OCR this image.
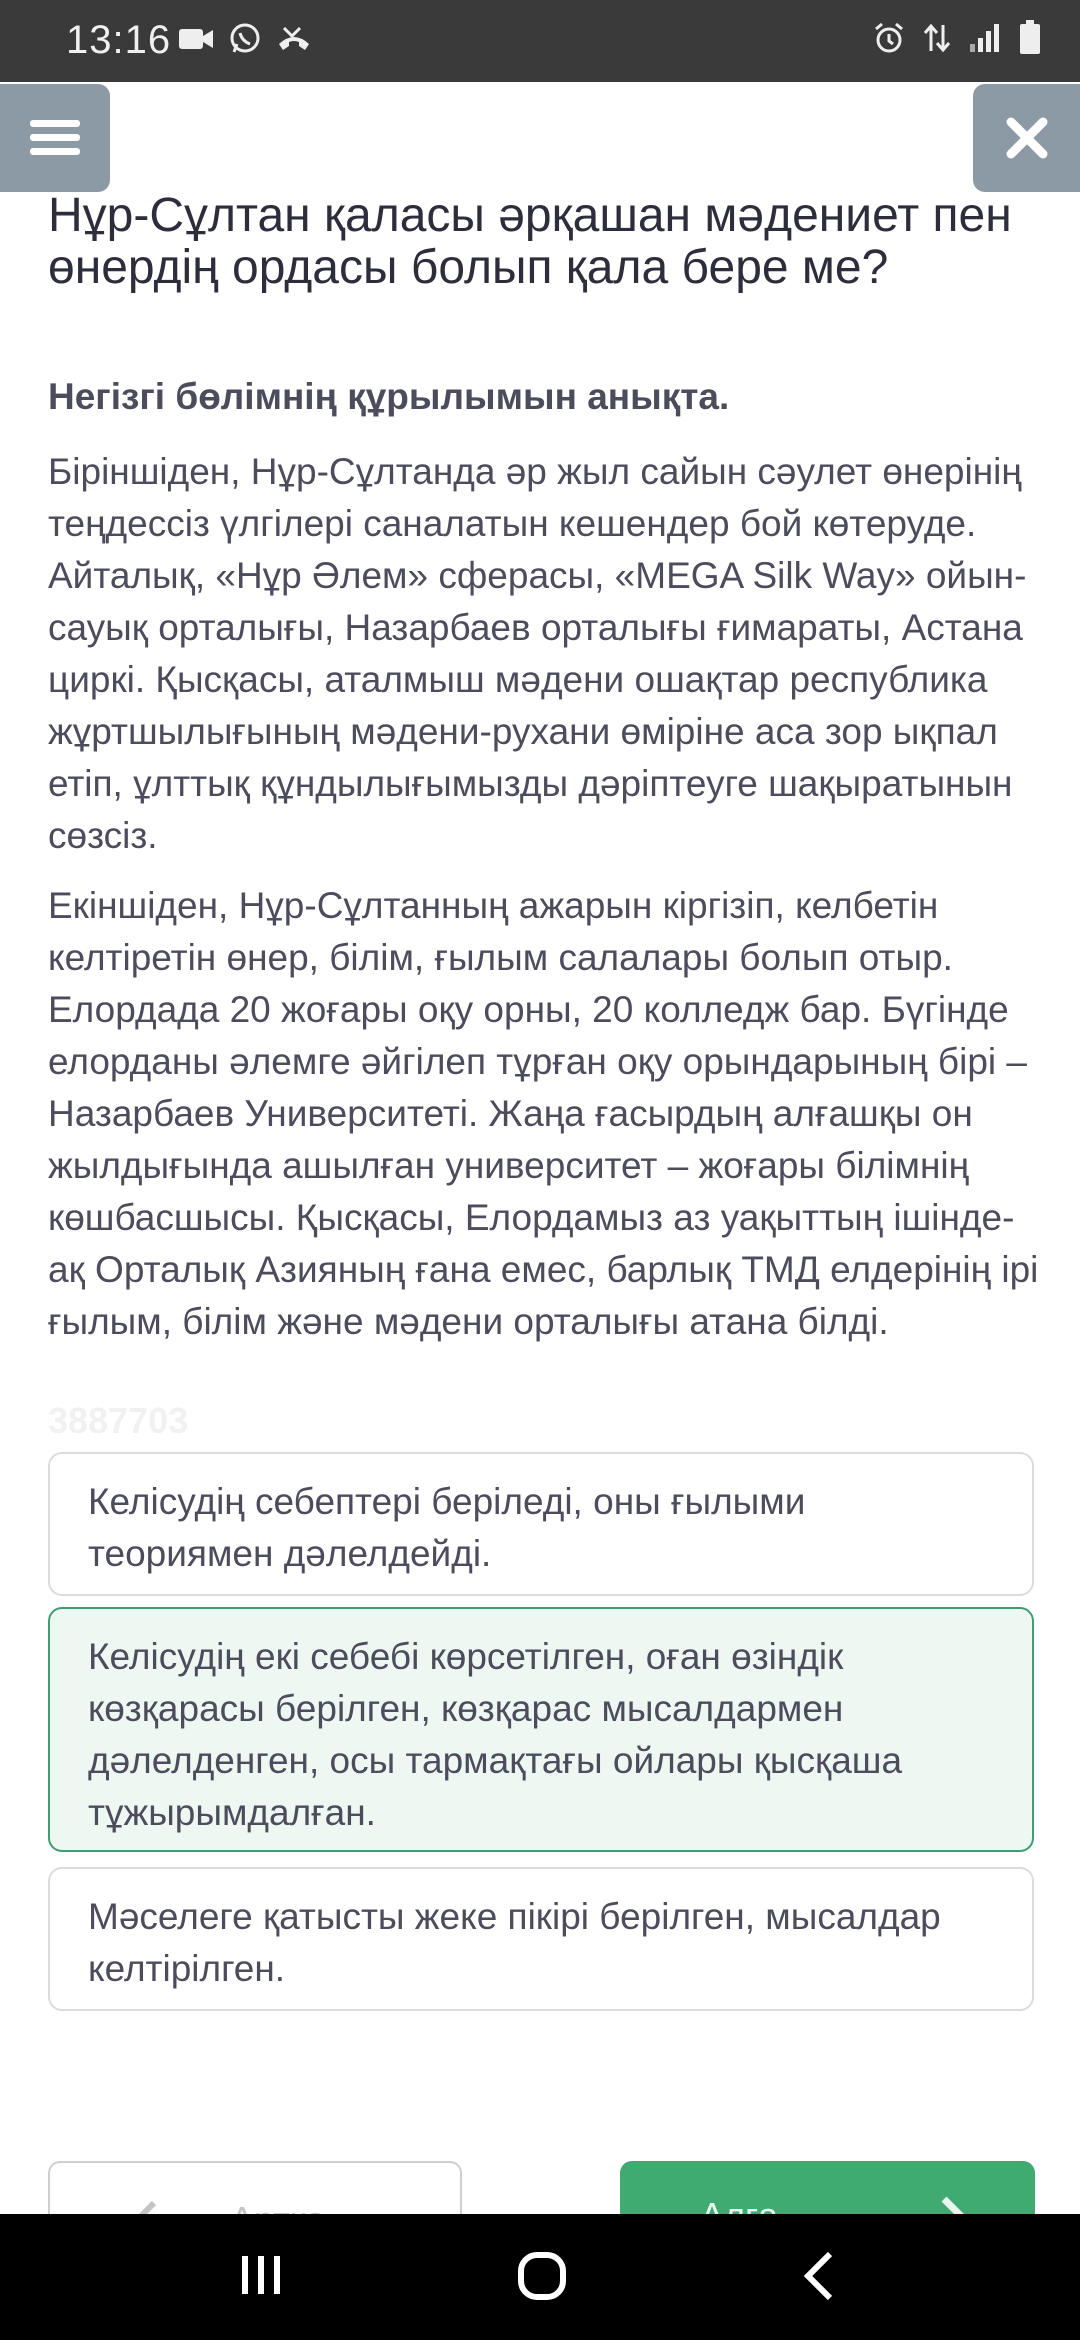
13:16
Нұр-Сұлтан қаласы әрқашан мәдениет пен өнердің ордасы болып қала бере ме?
Негізгі бөлімнің құрылымын анықта.
Біріншіден, Нұр-Сұлтанда әр жыл сайын сәулет өнерінің теңдессіз үлгілері саналатын кешендер бой көтеруде. Айталық, «Нұр Әлем» сферасы, «MEGA Silk Way» ойын-сауық орталығы, Назарбаев орталығы ғимараты, Астана циркі. Қысқасы, аталмыш мәдени ошақтар республика жұртшылығының мәдени-рухани өміріне аса зор ықпал етіп, ұлттық құндылығымызды дәріптеуге шақыратынын сөзсіз.
Екіншіден, Нұр-Сұлтанның ажарын кіргізіп, келбетін келтіретін өнер, білім, ғылым салалары болып отыр. Елордада 20 жоғары оқу орны, 20 колледж бар. Бүгінде елорданы әлемге әйгілеп тұрған оқу орындарының бірі – Назарбаев Университеті. Жаңа ғасырдың алғашқы он жылдығында ашылған университет – жоғары білімнің көшбасшысы. Қысқасы, Елордамыз аз уақыттың ішінде-ақ Орталық Азияның ғана емес, барлық ТМД елдерінің ірі ғылым, білім және мәдени орталығы атана білді.
3887703
Келісудің себептері беріледі, оны ғылыми теориямен дәлелдейді.
Келісудің екі себебі көрсетілген, оған өзіндік көзқарасы берілген, көзқарас мысалдармен дәлелденген, осы тармақтағы ойлары қысқаша тұжырымдалған.
Мәселеге қатысты жеке пікірі берілген, мысалдар келтірілген.
